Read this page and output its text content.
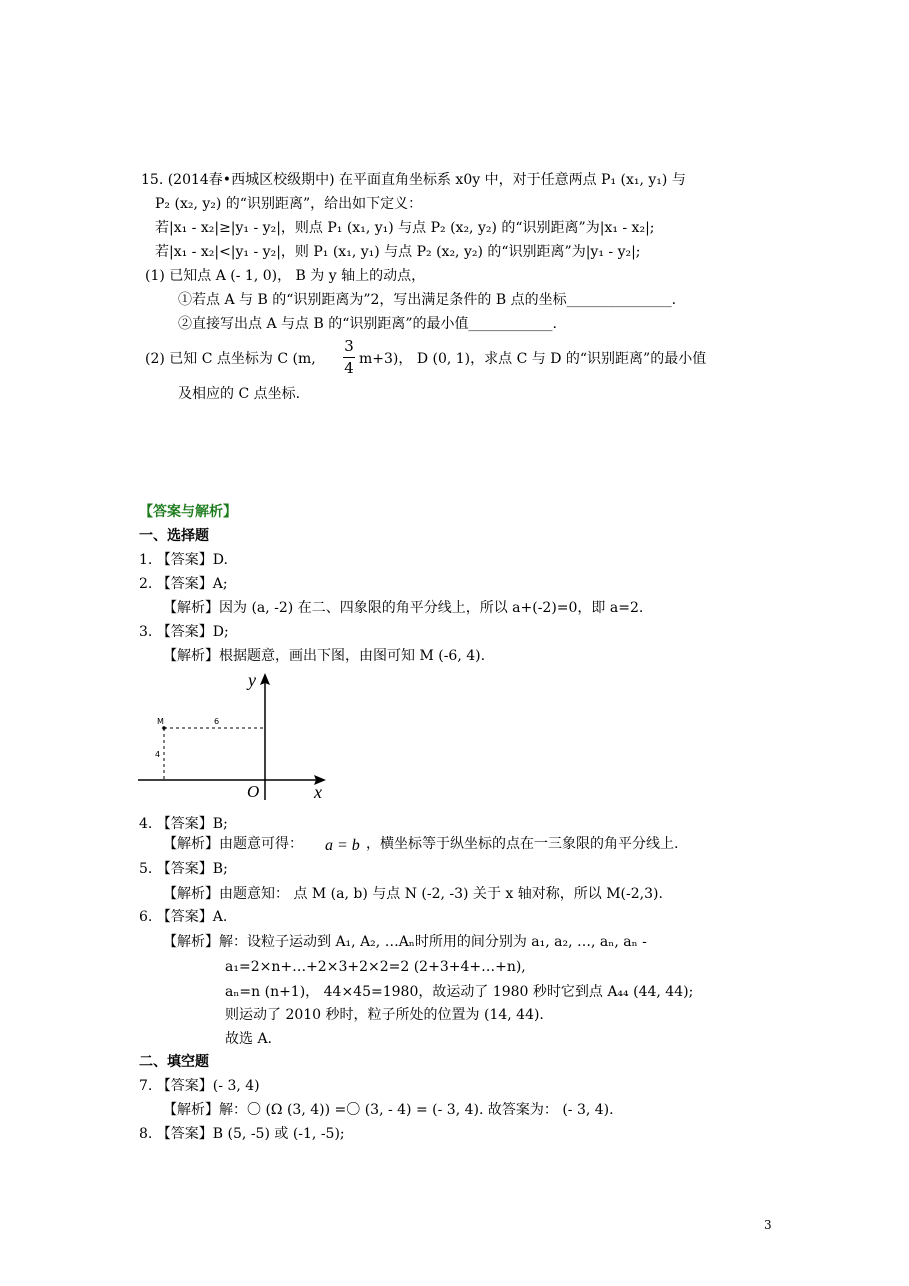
15. (2014春•西城区校级期中) 在平面直角坐标系 x0y 中，对于任意两点 P₁ (x₁, y₁) 与
P₂ (x₂, y₂) 的“识别距离”，给出如下定义：
若|x₁ - x₂|≥|y₁ - y₂|，则点 P₁ (x₁, y₁) 与点 P₂ (x₂, y₂) 的“识别距离”为|x₁ - x₂|;
若|x₁ - x₂|<|y₁ - y₂|，则 P₁ (x₁, y₁) 与点 P₂ (x₂, y₂) 的“识别距离”为|y₁ - y₂|;
(1) 已知点 A (- 1, 0)， B 为 y 轴上的动点，
①若点 A 与 B 的“识别距离为”2，写出满足条件的 B 点的坐标_______________.
②直接写出点 A 与点 B 的“识别距离”的最小值____________.
(2) 已知 C 点坐标为 C (m,
3
4 m+3)， D (0, 1)，求点 C 与 D 的“识别距离”的最小值
及相应的 C 点坐标.
【答案与解析】
一、选择题
1. 【答案】D.
2. 【答案】A;
【解析】因为 (a, -2) 在二、四象限的角平分线上，所以 a+(-2)=0，即 a=2.
3. 【答案】D;
【解析】根据题意，画出下图，由图可知 M (-6, 4).
y
x
O
M	6
4
4. 【答案】B;
【解析】由题意可得： a = b ，横坐标等于纵坐标的点在一三象限的角平分线上.
5. 【答案】B;
【解析】由题意知： 点 M (a, b) 与点 N (-2, -3) 关于 x 轴对称，所以 M(-2,3).
6. 【答案】A.
【解析】解：设粒子运动到 A₁, A₂, …Aₙ时所用的间分别为 a₁, a₂, …, aₙ, aₙ -
a₁=2×n+…+2×3+2×2=2 (2+3+4+…+n),
aₙ=n (n+1)， 44×45=1980，故运动了 1980 秒时它到点 A₄₄ (44, 44);
则运动了 2010 秒时，粒子所处的位置为 (14, 44).
故选 A.
二、填空题
7. 【答案】(- 3, 4)
【解析】解：〇 (Ω (3, 4)) =〇 (3, - 4) = (- 3, 4). 故答案为： (- 3, 4).
8. 【答案】B (5, -5) 或 (-1, -5);
3
